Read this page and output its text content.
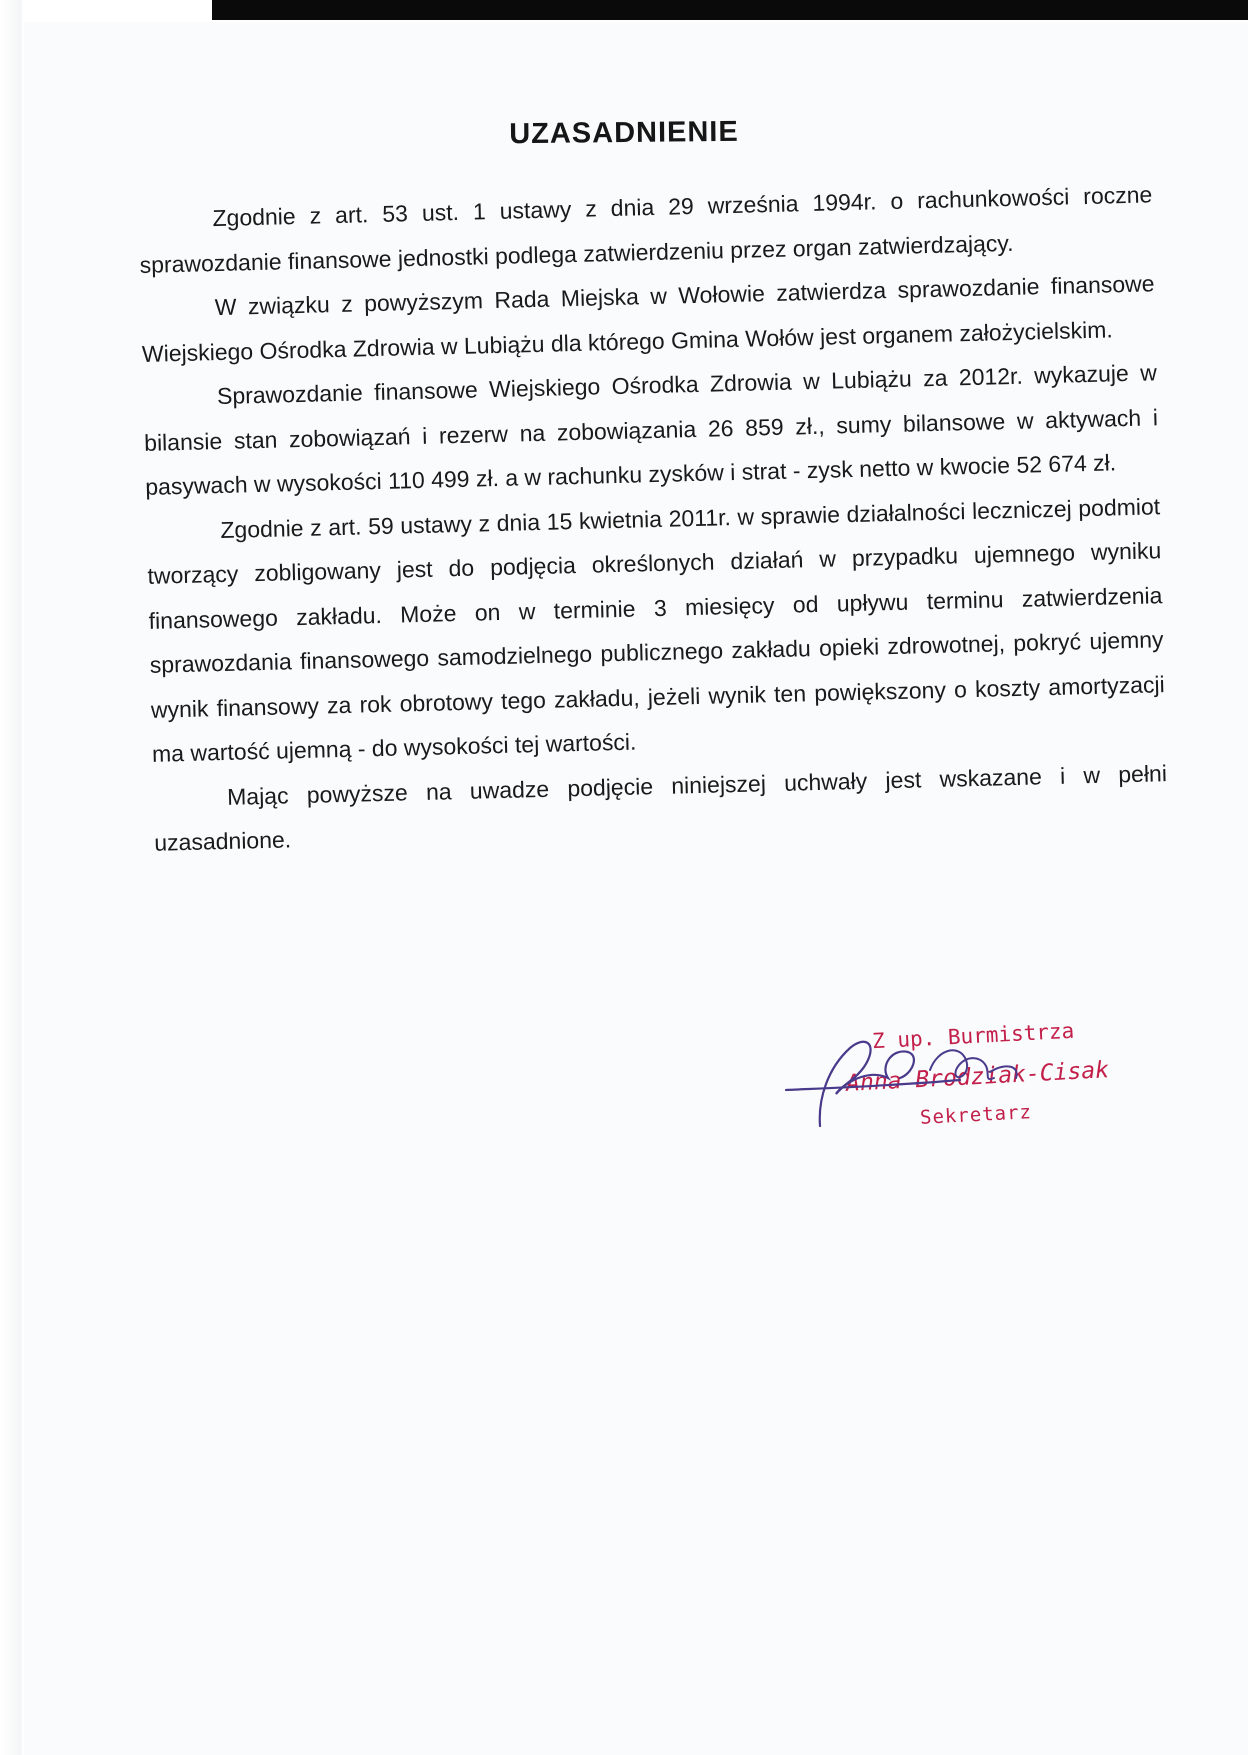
UZASADNIENIE

Zgodnie z art. 53 ust. 1 ustawy z dnia 29 września 1994r. o rachunkowości roczne sprawozdanie finansowe jednostki podlega zatwierdzeniu przez organ zatwierdzający.

W związku z powyższym Rada Miejska w Wołowie zatwierdza sprawozdanie finansowe Wiejskiego Ośrodka Zdrowia w Lubiążu dla którego Gmina Wołów jest organem założycielskim.

Sprawozdanie finansowe Wiejskiego Ośrodka Zdrowia w Lubiążu za 2012r. wykazuje w bilansie stan zobowiązań i rezerw na zobowiązania 26 859 zł., sumy bilansowe w aktywach i pasywach w wysokości 110 499 zł. a w rachunku zysków i strat - zysk netto w kwocie 52 674 zł.

Zgodnie z art. 59 ustawy z dnia 15 kwietnia 2011r. w sprawie działalności leczniczej podmiot tworzący zobligowany jest do podjęcia określonych działań w przypadku ujemnego wyniku finansowego zakładu. Może on w terminie 3 miesięcy od upływu terminu zatwierdzenia sprawozdania finansowego samodzielnego publicznego zakładu opieki zdrowotnej, pokryć ujemny wynik finansowy za rok obrotowy tego zakładu, jeżeli wynik ten powiększony o koszty amortyzacji ma wartość ujemną - do wysokości tej wartości.

Mając powyższe na uwadze podjęcie niniejszej uchwały jest wskazane i w pełni uzasadnione.

Z up. Burmistrza
Anna Brodziak-Cisak
Sekretarz
